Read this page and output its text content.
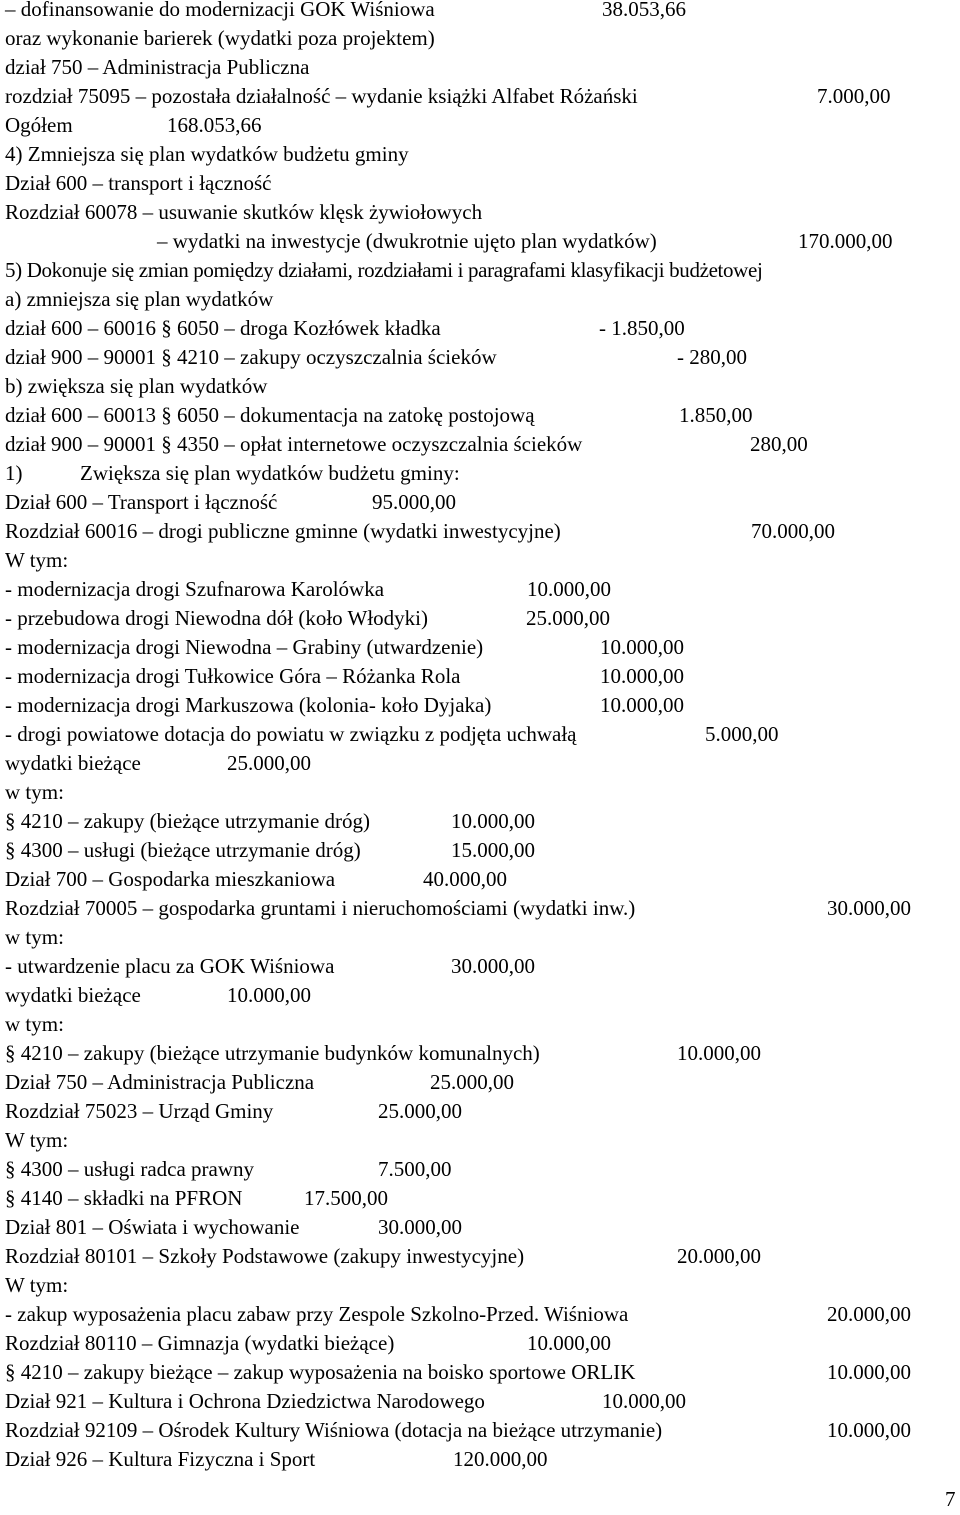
– dofinansowanie do modernizacji GOK Wiśniowa	38.053,66
oraz wykonanie barierek (wydatki poza projektem)
dział 750 – Administracja Publiczna
rozdział 75095 – pozostała działalność – wydanie książki Alfabet Różański	7.000,00
Ogółem	168.053,66
4) Zmniejsza się plan wydatków budżetu gminy
Dział 600 – transport i łączność
Rozdział 60078 – usuwanie skutków klęsk żywiołowych
– wydatki na inwestycje (dwukrotnie ujęto plan wydatków)	170.000,00
5) Dokonuje się zmian pomiędzy działami, rozdziałami i paragrafami klasyfikacji budżetowej
a) zmniejsza się plan wydatków
dział 600 – 60016 § 6050 – droga Kozłówek kładka	- 1.850,00
dział 900 – 90001 § 4210 – zakupy oczyszczalnia ścieków	- 280,00
b) zwiększa się plan wydatków
dział 600 – 60013 § 6050 – dokumentacja na zatokę postojową	1.850,00
dział 900 – 90001 § 4350 – opłat internetowe oczyszczalnia ścieków	280,00
1)	Zwiększa się plan wydatków budżetu gminy:
Dział 600 – Transport i łączność	95.000,00
Rozdział 60016 – drogi publiczne gminne (wydatki inwestycyjne)	70.000,00
W tym:
- modernizacja drogi Szufnarowa Karolówka	10.000,00
- przebudowa drogi Niewodna dół (koło Włodyki)	25.000,00
- modernizacja drogi Niewodna – Grabiny (utwardzenie)	10.000,00
- modernizacja drogi Tułkowice Góra – Różanka Rola	10.000,00
- modernizacja drogi Markuszowa (kolonia- koło Dyjaka)	10.000,00
- drogi powiatowe dotacja do powiatu w związku z podjęta uchwałą	5.000,00
wydatki bieżące	25.000,00
w tym:
§ 4210 – zakupy (bieżące utrzymanie dróg)	10.000,00
§ 4300 – usługi (bieżące utrzymanie dróg)	15.000,00
Dział 700 – Gospodarka mieszkaniowa	40.000,00
Rozdział 70005 – gospodarka gruntami i nieruchomościami (wydatki inw.)	30.000,00
w tym:
- utwardzenie placu za GOK Wiśniowa	30.000,00
wydatki bieżące	10.000,00
w tym:
§ 4210 – zakupy (bieżące utrzymanie budynków komunalnych)	10.000,00
Dział 750 – Administracja Publiczna	25.000,00
Rozdział 75023 – Urząd Gminy	25.000,00
W tym:
§ 4300 – usługi radca prawny	7.500,00
§ 4140 – składki na PFRON	17.500,00
Dział 801 – Oświata i wychowanie	30.000,00
Rozdział 80101 – Szkoły Podstawowe (zakupy inwestycyjne)	20.000,00
W tym:
- zakup wyposażenia placu zabaw przy Zespole Szkolno-Przed. Wiśniowa	20.000,00
Rozdział 80110 – Gimnazja (wydatki bieżące)	10.000,00
§ 4210 – zakupy bieżące – zakup wyposażenia na boisko sportowe ORLIK	10.000,00
Dział 921 – Kultura i Ochrona Dziedzictwa Narodowego	10.000,00
Rozdział 92109 – Ośrodek Kultury Wiśniowa (dotacja na bieżące utrzymanie)	10.000,00
Dział 926 – Kultura Fizyczna i Sport	120.000,00
7
